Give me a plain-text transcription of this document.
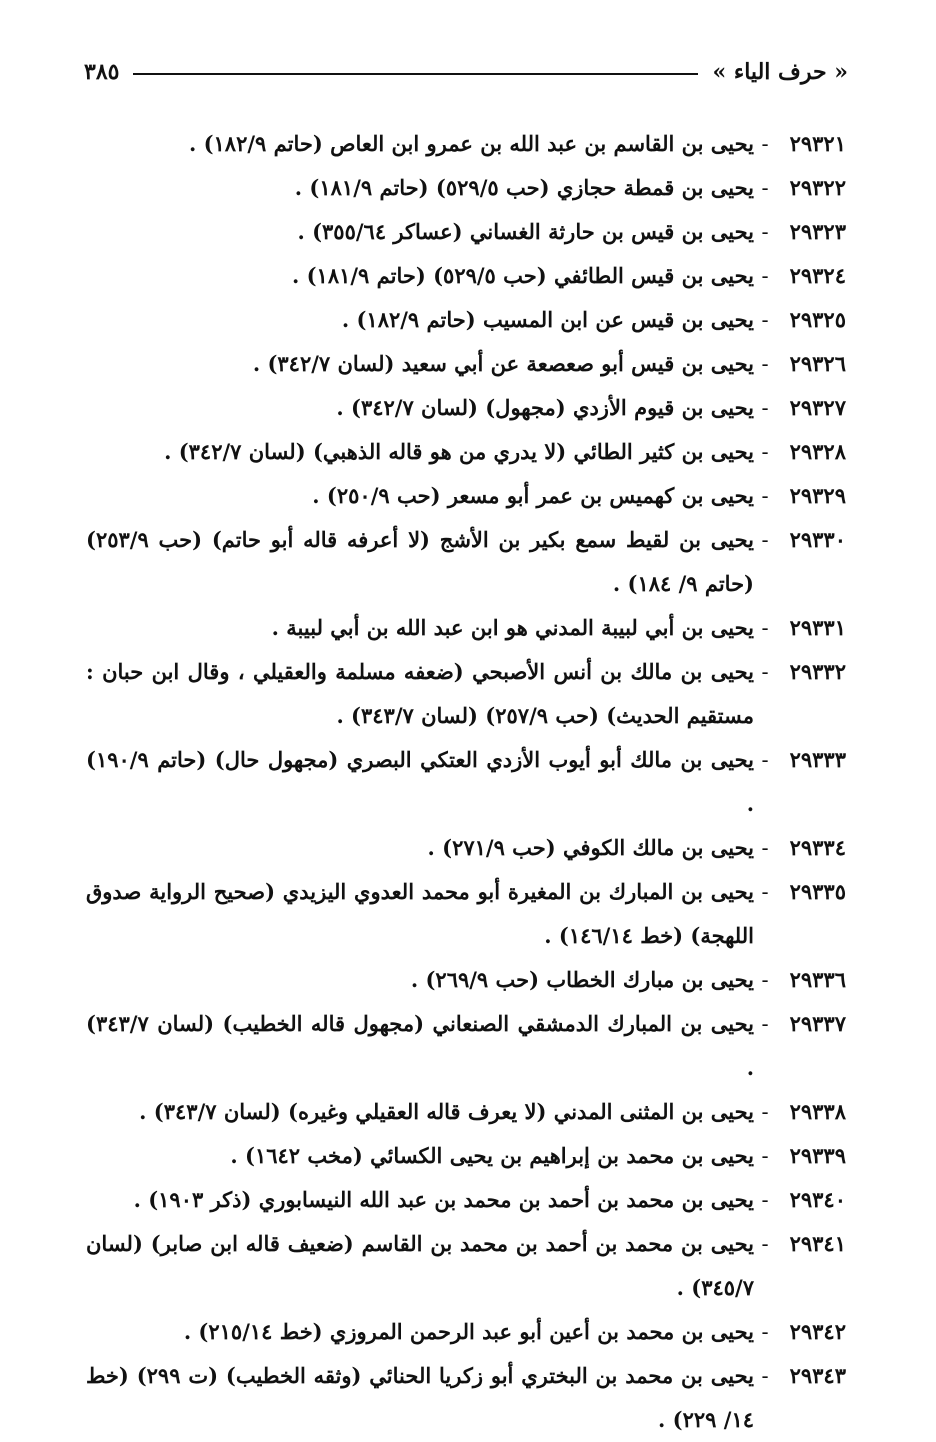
« حرف الياء »
٣٨٥
٢٩٣٢١
-
يحيى بن القاسم بن عبد الله بن عمرو ابن العاص (حاتم ١٨٢/٩) .
٢٩٣٢٢
-
يحيى بن قمطة حجازي (حب ٥٢٩/٥) (حاتم ١٨١/٩) .
٢٩٣٢٣
-
يحيى بن قيس بن حارثة الغساني (عساكر ٣٥٥/٦٤) .
٢٩٣٢٤
-
يحيى بن قيس الطائفي (حب ٥٢٩/٥) (حاتم ١٨١/٩) .
٢٩٣٢٥
-
يحيى بن قيس عن ابن المسيب (حاتم ١٨٢/٩) .
٢٩٣٢٦
-
يحيى بن قيس أبو صعصعة عن أبي سعيد (لسان ٣٤٢/٧) .
٢٩٣٢٧
-
يحيى بن قيوم الأزدي (مجهول) (لسان ٣٤٢/٧) .
٢٩٣٢٨
-
يحيى بن كثير الطائي (لا يدري من هو قاله الذهبي) (لسان ٣٤٢/٧) .
٢٩٣٢٩
-
يحيى بن كهميس بن عمر أبو مسعر (حب ٢٥٠/٩) .
٢٩٣٣٠
-
يحيى بن لقيط سمع بكير بن الأشج (لا أعرفه قاله أبو حاتم) (حب ٢٥٣/٩) (حاتم ٩/ ١٨٤) .
٢٩٣٣١
-
يحيى بن أبي لبيبة المدني هو ابن عبد الله بن أبي لبيبة .
٢٩٣٣٢
-
يحيى بن مالك بن أنس الأصبحي (ضعفه مسلمة والعقيلي ، وقال ابن حبان : مستقيم الحديث) (حب ٢٥٧/٩) (لسان ٣٤٣/٧) .
٢٩٣٣٣
-
يحيى بن مالك أبو أيوب الأزدي العتكي البصري (مجهول حال) (حاتم ١٩٠/٩) .
٢٩٣٣٤
-
يحيى بن مالك الكوفي (حب ٢٧١/٩) .
٢٩٣٣٥
-
يحيى بن المبارك بن المغيرة أبو محمد العدوي اليزيدي (صحيح الرواية صدوق اللهجة) (خط ١٤٦/١٤) .
٢٩٣٣٦
-
يحيى بن مبارك الخطاب (حب ٢٦٩/٩) .
٢٩٣٣٧
-
يحيى بن المبارك الدمشقي الصنعاني (مجهول قاله الخطيب) (لسان ٣٤٣/٧) .
٢٩٣٣٨
-
يحيى بن المثنى المدني (لا يعرف قاله العقيلي وغيره) (لسان ٣٤٣/٧) .
٢٩٣٣٩
-
يحيى بن محمد بن إبراهيم بن يحيى الكسائي (مخب ١٦٤٢) .
٢٩٣٤٠
-
يحيى بن محمد بن أحمد بن محمد بن عبد الله النيسابوري (ذكر ١٩٠٣) .
٢٩٣٤١
-
يحيى بن محمد بن أحمد بن محمد بن القاسم (ضعيف قاله ابن صابر) (لسان ٣٤٥/٧) .
٢٩٣٤٢
-
يحيى بن محمد بن أعين أبو عبد الرحمن المروزي (خط ٢١٥/١٤) .
٢٩٣٤٣
-
يحيى بن محمد بن البختري أبو زكريا الحنائي (وثقه الخطيب) (ت ٢٩٩) (خط ١٤/ ٢٢٩) .
